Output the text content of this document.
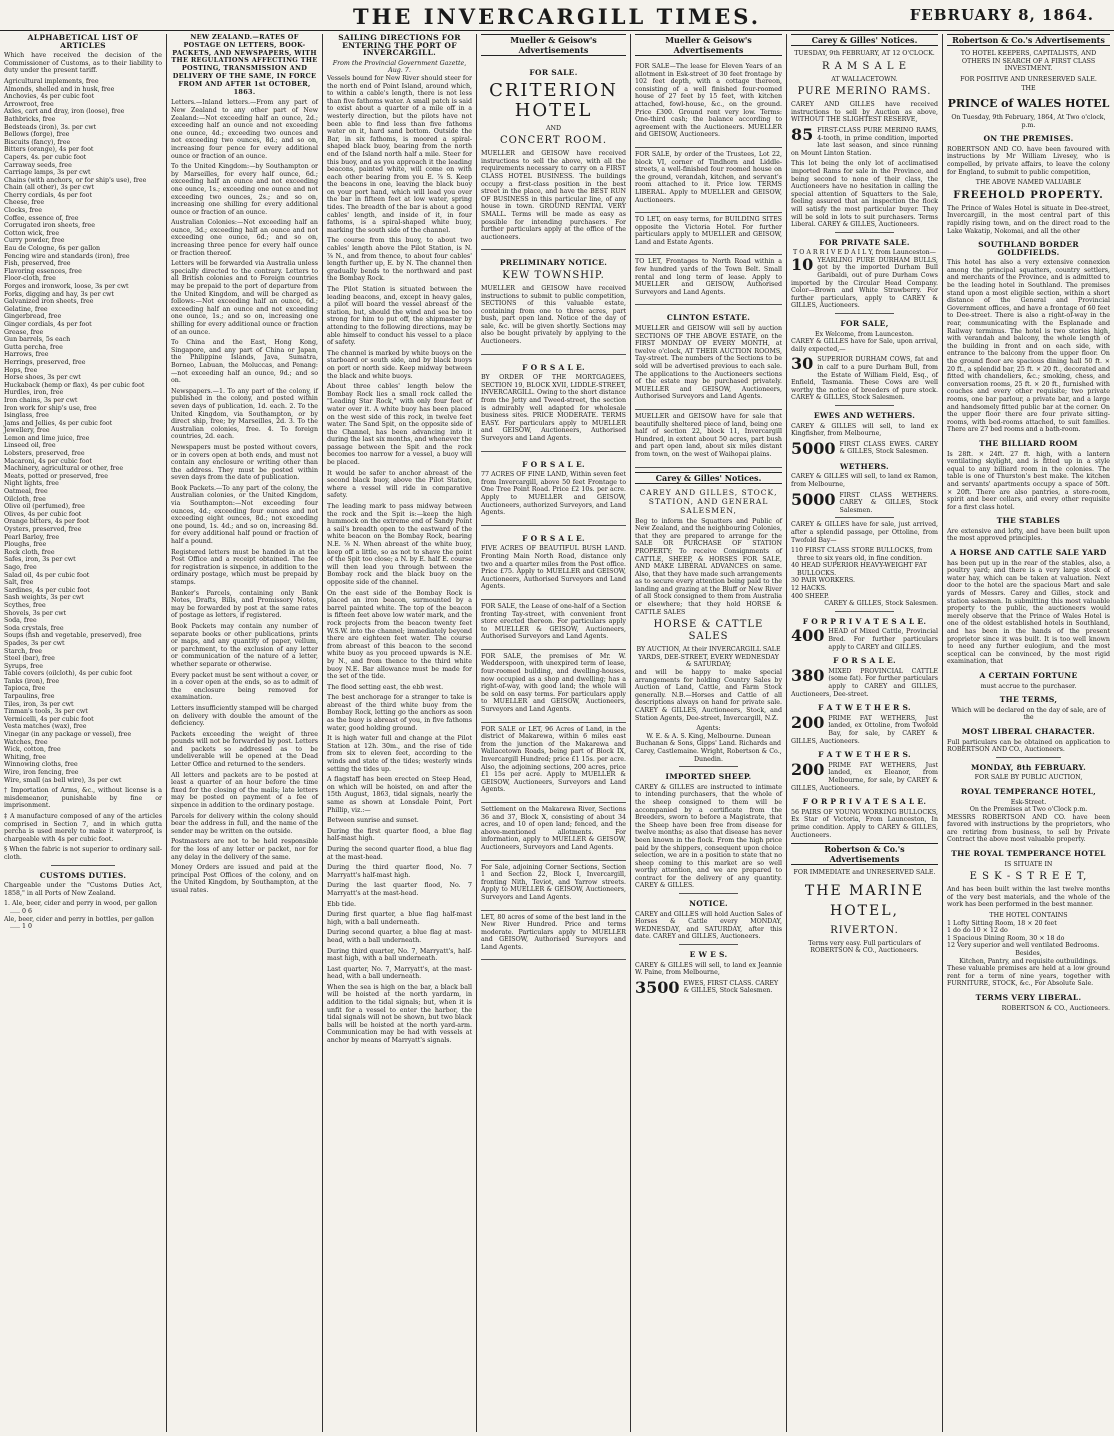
THE INVERCARGILL TIMES.	FEBRUARY 8, 1864.
ALPHABETICAL LIST OF ARTICLES
Which have received the decision of the Commissioner of Customs, as to their liability to duty under the present tariff.
Agricultural implements, free
Almonds, shelled and in husk, free
Anchovies, 4s per cubic foot
Arrowroot, free
Axles, cart and dray, iron (loose), free
Bathbricks, free
Bedsteads (iron), 3s. per cwt
Bellows (forge), free
Biscuits (fancy), free
Bitters (orange), 4s per foot
Capers, 4s. per cubic foot
Carraway seeds, free
Carriage lamps, 3s per cwt
Chains (with anchors, or for ship's use), free
Chain (all other), 3s per cwt
Cherry cordials, 4s per foot
Cheese, free
Clocks, free
Coffee, essence of, free
Corrugated iron sheets, free
Cotton wick, free
Curry powder, free
Eau de Cologne, 6s per gallon
Fencing wire and standards (iron), free
Fish, preserved, free
Flavoring essences, free
Floor-cloth, free
Forges and ironwork, loose, 3s per cwt
Forks, digging and hay, 3s per cwt
Galvanized iron sheets, free
Gelatine, free
Gingerbread, free
Ginger cordials, 4s per foot
Grease, free
Gun barrels, 5s each
Gutta percha, free
Harrows, free
Herrings, preserved, free
Hops, free
Horse shoes, 3s per cwt
Huckaback (hemp or flax), 4s per cubic foot
Hurdles, iron, free
Iron chains, 3s per cwt
Iron work for ship's use, free
Isinglass, free
Jams and Jellies, 4s per cubic foot
Jewellery, free
Lemon and lime juice, free
Linseed oil, free
Lobsters, preserved, free
Macaroni, 4s per cubic foot
Machinery, agricultural or other, free
Meats, potted or preserved, free
Night lights, free
Oatmeal, free
Oilcloth, free
Olive oil (perfumed), free
Olives, 4s per cubic foot
Orange bitters, 4s per foot
Oysters, preserved, free
Pearl Barley, free
Ploughs, free
Rock cloth, free
Safes, iron, 3s per cwt
Sago, free
Salad oil, 4s per cubic foot
Salt, free
Sardines, 4s per cubic foot
Sash weights, 3s per cwt
Scythes, free
Shovels, 3s per cwt
Soda, free
Soda crystals, free
Soups (fish and vegetable, preserved), free
Spades, 3s per cwt
Starch, free
Steel (bar), free
Syrups, free
Table covers (oilcloth), 4s per cubic foot
Tanks (iron), free
Tapioca, free
Tarpaulins, free
Tiles, iron, 3s per cwt
Tinman's tools, 3s per cwt
Vermicelli, 4s per cubic foot
Vesta matches (wax), free
Vinegar (in any package or vessel), free
Watches, free
Wick, cotton, free
Whiting, free
Winnowing cloths, free
Wire, iron fencing, free
Wire, small (as bell wire), 3s per cwt
† Importation of Arms, &c., without license is a misdemeanor, punishable by fine or imprisonment.
‡ A manufacture composed of any of the articles comprised in Section 7, and in which gutta percha is used merely to make it waterproof, is chargeable with 4s per cubic foot.
§ When the fabric is not superior to ordinary sail-cloth.
CUSTOMS DUTIES.
Chargeable under the "Customs Duties Act, 1858," in all Ports of New Zealand.
1. Ale, beer, cider and perry in wood, per gallon ..... 0 6
Ale, beer, cider and perry in bottles, per gallon ..... 1 0
NEW ZEALAND.—RATES OF POSTAGE ON LETTERS, BOOK-PACKETS, AND NEWSPAPERS, WITH THE REGULATIONS AFFECTING THE POSTING, TRANSMISSION AND DELIVERY OF THE SAME, IN FORCE FROM AND AFTER 1st OCTOBER, 1863.
Letters.—Inland letters.—From any part of New Zealand to any other part of New Zealand:—Not exceeding half an ounce, 2d.; exceeding half an ounce and not exceeding one ounce, 4d.; exceeding two ounces and not exceeding two ounces, 8d.; and so on, increasing four pence for every additional ounce or fraction of an ounce.
To the United Kingdom:—by Southampton or by Marseilles, for every half ounce, 6d.; exceeding half an ounce and not exceeding one ounce, 1s.; exceeding one ounce and not exceeding two ounces, 2s.; and so on, increasing one shilling for every additional ounce or fraction of an ounce.
Australian Colonies:—Not exceeding half an ounce, 3d.; exceeding half an ounce and not exceeding one ounce, 6d.; and so on, increasing three pence for every half ounce or fraction thereof.
Letters will be forwarded via Australia unless specially directed to the contrary. Letters to all British colonies and to Foreign countries may be prepaid to the port of departure from the United Kingdom, and will be charged as follows:—Not exceeding half an ounce, 6d.; exceeding half an ounce and not exceeding one ounce, 1s.; and so on, increasing one shilling for every additional ounce or fraction of an ounce.
To China and the East, Hong Kong, Singapore, and any part of China or Japan, the Philippine Islands, Java, Sumatra, Borneo, Labuan, the Moluccas, and Penang:—not exceeding half an ounce, 9d.; and so on.
Newspapers.—1. To any part of the colony, if published in the colony, and posted within seven days of publication, 1d. each. 2. To the United Kingdom, via Southampton, or by direct ship, free; by Marseilles, 2d. 3. To the Australian colonies, free. 4. To foreign countries, 2d. each.
Newspapers must be posted without covers, or in covers open at both ends, and must not contain any enclosure or writing other than the address. They must be posted within seven days from the date of publication.
Book Packets.—To any part of the colony, the Australian colonies, or the United Kingdom, via Southampton:—Not exceeding four ounces, 4d.; exceeding four ounces and not exceeding eight ounces, 8d.; not exceeding one pound, 1s. 4d.; and so on, increasing 8d. for every additional half pound or fraction of half a pound.
Registered letters must be handed in at the Post Office and a receipt obtained. The fee for registration is sixpence, in addition to the ordinary postage, which must be prepaid by stamps.
Banker's Parcels, containing only Bank Notes, Drafts, Bills, and Promissory Notes, may be forwarded by post at the same rates of postage as letters, if registered.
Book Packets may contain any number of separate books or other publications, prints or maps, and any quantity of paper, vellum, or parchment, to the exclusion of any letter or communication of the nature of a letter, whether separate or otherwise.
Every packet must be sent without a cover, or in a cover open at the ends, so as to admit of the enclosure being removed for examination.
Letters insufficiently stamped will be charged on delivery with double the amount of the deficiency.
Packets exceeding the weight of three pounds will not be forwarded by post. Letters and packets so addressed as to be undeliverable will be opened at the Dead Letter Office and returned to the senders.
All letters and packets are to be posted at least a quarter of an hour before the time fixed for the closing of the mails; late letters may be posted on payment of a fee of sixpence in addition to the ordinary postage.
Parcels for delivery within the colony should bear the address in full, and the name of the sender may be written on the outside.
Postmasters are not to be held responsible for the loss of any letter or packet, nor for any delay in the delivery of the same.
Money Orders are issued and paid at the principal Post Offices of the colony, and on the United Kingdom, by Southampton, at the usual rates.
SAILING DIRECTIONS FOR ENTERING THE PORT OF INVERCARGILL.
From the Provincial Government Gazette, Aug. 7.
Vessels bound for New River should steer for the north end of Point Island, around which, to within a cable's length, there is not less than five fathoms water. A small patch is said to exist about a quarter of a mile off in a westerly direction, but the pilots have not been able to find less than five fathoms water on it, hard sand bottom. Outside the Bar, in six fathoms, is moored a spiral-shaped black buoy, bearing from the north end of the Island north half a mile. Steer for this buoy, and as you approach it the leading beacons, painted white, will come on with each other bearing from you E. ⅞ S. Keep the beacons in one, leaving the black buoy on your port hand, which will lead you over the bar in fifteen feet at low water, spring tides. The breadth of the bar is about a good cables' length, and inside of it, in four fathoms, is a spiral-shaped white buoy, marking the south side of the channel.
The course from this buoy, to about two cables' length above the Pilot Station, is N. ⅞ N., and from thence, to about four cables' length further up, E. by N. The channel then gradually bends to the northward and past the Bombay Rock.
The Pilot Station is situated between the leading beacons, and, except in heavy gales, a pilot will board the vessel abreast of the station, but, should the wind and sea be too strong for him to put off, the shipmaster by attending to the following directions, may be able himself to conduct his vessel to a place of safety.
The channel is marked by white buoys on the starboard or south side, and by black buoys on port or north side. Keep midway between the black and white buoys.
About three cables' length below the Bombay Rock lies a small rock called the "Leading Star Rock," with only four feet of water over it. A white buoy has been placed on the west side of this rock, in twelve feet water. The Sand Spit, on the opposite side of the Channel, has been advancing into it during the last six months, and whenever the passage between the Spit and the rock becomes too narrow for a vessel, a buoy will be placed.
It would be safer to anchor abreast of the second black buoy, above the Pilot Station, where a vessel will ride in comparative safety.
The leading mark to pass midway between the rock and the Spit is:—keep the high hummock on the extreme end of Sandy Point a sail's breadth open to the eastward of the white beacon on the Bombay Rock, bearing N.E. ⅞ N. When abreast of the white buoy, keep off a little, so as not to shave the point of the Spit too close; a N. by E. half E. course will then lead you through between the Bombay rock and the black buoy on the opposite side of the channel.
On the east side of the Bombay Rock is placed an iron beacon, surmounted by a barrel painted white. The top of the beacon is fifteen feet above low water mark, and the rock projects from the beacon twenty feet W.S.W. into the channel; immediately beyond there are eighteen feet water. The course from abreast of this beacon to the second white buoy as you proceed upwards is N.E. by N., and from thence to the third white buoy N.E. Bar allowance must be made for the set of the tide.
The flood setting east, the ebb west.
The best anchorage for a stranger to take is abreast of the third white buoy from the Bombay Rock, letting go the anchors as soon as the buoy is abreast of you, in five fathoms water, good holding ground.
It is high water full and change at the Pilot Station at 12h. 30m., and the rise of tide from six to eleven feet, according to the winds and state of the tides; westerly winds setting the tides up.
A flagstaff has been erected on Steep Head, on which will be hoisted, on and after the 15th August, 1863, tidal signals, nearly the same as shown at Lonsdale Point, Port Phillip, viz.:—
Between sunrise and sunset.
During the first quarter flood, a blue flag half-mast high.
During the second quarter flood, a blue flag at the mast-head.
During the third quarter flood, No. 7 Marryatt's half-mast high.
During the last quarter flood, No. 7 Marryatt's at the mast-head.
Ebb tide.
During first quarter, a blue flag half-mast high, with a ball underneath.
During second quarter, a blue flag at mast-head, with a ball underneath.
During third quarter, No. 7, Marryatt's, half-mast high, with a ball underneath.
Last quarter, No. 7, Marryatt's, at the mast-head, with a ball underneath.
When the sea is high on the bar, a black ball will be hoisted at the north yardarm, in addition to the tidal signals; but, when it is unfit for a vessel to enter the harbor, the tidal signals will not be shown, but two black balls will be hoisted at the north yard-arm. Communication may be had with vessels at anchor by means of Marryatt's signals.
Mueller & Geisow's Advertisements
FOR SALE.
CRITERION HOTEL
AND
CONCERT ROOM.
MUELLER and GEISOW have received instructions to sell the above, with all the requirements necessary to carry on a FIRST CLASS HOTEL BUSINESS. The buildings occupy a first-class position in the best street in the place, and have the BEST RUN OF BUSINESS in this particular line, of any house in town. GROUND RENTAL VERY SMALL. Terms will be made as easy as possible for intending purchasers. For further particulars apply at the office of the auctioneers.
PRELIMINARY NOTICE.
KEW TOWNSHIP.
MUELLER and GEISOW have received instructions to submit to public competition, SECTIONS of this valuable estate, containing from one to three acres, part bush, part open land. Notice of the day of sale, &c. will be given shortly. Sections may also be bought privately by applying to the Auctioneers.
F O R S A L E.
BY ORDER OF THE MORTGAGEES, SECTION 19, BLOCK XVII, LIDDLE-STREET, INVERCARGILL. Owing to the short distance from the Jetty and Tweed-street, the section is admirably well adapted for wholesale business sites. PRICE MODERATE. TERMS EASY. For particulars apply to MUELLER and GEISOW, Auctioneers, Authorised Surveyors and Land Agents.
F O R S A L E.
77 ACRES OF FINE LAND, Within seven feet from Invercargill, above 50 feet Frontage to One Tree Point Road. Price £2 10s. per acre. Apply to MUELLER and GEISOW, Auctioneers, authorized Surveyors, and Land Agents.
F O R S A L E.
FIVE ACRES OF BEAUTIFUL BUSH LAND. Fronting Main North Road, distance only two and a quarter miles from the Post office. Price £75. Apply to MUELLER and GEISOW, Auctioneers, Authorised Surveyors and Land Agents.
FOR SALE, the Lease of one-half of a Section fronting Tay-street, with convenient front store erected thereon. For particulars apply to MUELLER & GEISOW, Auctioneers, Authorised Surveyors and Land Agents.
FOR SALE, the premises of Mr. W. Wedderspoon, with unexpired term of lease, four-roomed building, and dwelling-houses, now occupied as a shop and dwelling; has a right-of-way, with good land; the whole will be sold on easy terms. For particulars apply to MUELLER and GEISOW, Auctioneers, Surveyors and Land Agents.
FOR SALE or LET, 96 Acres of Land, in the district of Makarewa, within 6 miles east from the junction of the Makarewa and Wallacetown Roads, being part of Block IX, Invercargill Hundred; price £1 15s. per acre. Also, the adjoining sections, 200 acres, price £1 15s per acre. Apply to MUELLER & GEISOW, Auctioneers, Surveyors and Land Agents.
Settlement on the Makarewa River, Sections 36 and 37, Block X, consisting of about 34 acres, and 10 of open land; fenced, and the above-mentioned allotments. For information, apply to MUELLER & GEISOW, Auctioneers, Surveyors and Land Agents.
For Sale, adjoining Corner Sections, Section 1 and Section 22, Block I, Invercargill, fronting Nith, Teviot, and Yarrow streets. Apply to MUELLER & GEISOW, Auctioneers, Surveyors and Land Agents.
LET, 80 acres of some of the best land in the New River Hundred. Price and terms moderate. Particulars apply to MUELLER and GEISOW, Authorised Surveyors and Land Agents.
Mueller & Geisow's Advertisements
FOR SALE—The lease for Eleven Years of an allotment in Esk-street of 30 feet frontage by 102 feet depth, with a cottage thereon, consisting of a well finished four-roomed house of 27 feet by 15 feet, with kitchen attached, fowl-house, &c., on the ground. Price £300. Ground rent very low. Terms: One-third cash; the balance according to agreement with the Auctioneers. MUELLER and GEISOW, Auctioneers.
FOR SALE, by order of the Trustees, Lot 22, block VI, corner of Tindhorn and Liddle-streets, a well-finished four roomed house on the ground, verandah, kitchen, and servant's room attached to it. Price low. TERMS LIBERAL. Apply to MUELLER and GEISOW, Auctioneers.
TO LET, on easy terms, for BUILDING SITES opposite the Victoria Hotel. For further particulars apply to MUELLER and GEISOW, Land and Estate Agents.
TO LET, Frontages to North Road within a few hundred yards of the Town Belt. Small rental and long term of lease. Apply to MUELLER and GEISOW, Authorised Surveyors and Land Agents.
CLINTON ESTATE.
MUELLER and GEISOW will sell by auction SECTIONS OF THE ABOVE ESTATE, on the FIRST MONDAY OF EVERY MONTH, at twelve o'clock, AT THEIR AUCTION ROOMS, Tay-street. The numbers of the Sections to be sold will be advertised previous to each sale. The applications to the Auctioneers sections of the estate may be purchased privately. MUELLER and GEISOW, Auctioneers, Authorised Surveyors and Land Agents.
MUELLER and GEISOW have for sale that beautifully sheltered piece of land, being one half of section 22, block 11, Invercargill Hundred, in extent about 50 acres, part bush and part open land, about six miles distant from town, on the west of Waihopai plains.
Carey & Gilles' Notices.
CAREY AND GILLES, STOCK, STATION, AND GENERAL SALESMEN,
Beg to inform the Squatters and Public of New Zealand, and the neighbouring Colonies, that they are prepared to arrange for the SALE OR PURCHASE OF STATION PROPERTY; To receive Consignments of CATTLE, SHEEP, & HORSES FOR SALE, AND MAKE LIBERAL ADVANCES on same. Also, that they have made such arrangements as to secure every attention being paid to the landing and grazing at the Bluff or New River of all Stock consigned to them from Australia or elsewhere; that they hold HORSE & CATTLE SALES
HORSE & CATTLE SALES
BY AUCTION, At their INVERCARGILL SALE YARDS, DEE-STREET, EVERY WEDNESDAY & SATURDAY;
and will be happy to make special arrangements for holding Country Sales by Auction of Land, Cattle, and Farm Stock generally. N.B.—Horses and Cattle of all descriptions always on hand for private sale. CAREY & GILLES, Auctioneers, Stock, and Station Agents, Dee-street, Invercargill, N.Z.
Agents:
W. E. & A. S. King, Melbourne. Dunean Buchanan & Sons, Gipps' Land. Richards and Carey, Castlemaine. Wright, Robertson & Co., Dunedin.
IMPORTED SHEEP.
CAREY & GILLES are instructed to intimate to intending purchasers, that the whole of the sheep consigned to them will be accompanied by a certificate from the Breeders, sworn to before a Magistrate, that the Sheep have been free from disease for twelve months; as also that disease has never been known in the flock. From the high price paid by the shippers, consequent upon choice selection, we are in a position to state that no sheep coming to this market are so well worthy attention, and we are prepared to contract for the delivery of any quantity. CAREY & GILLES.
NOTICE.
CAREY and GILLES will hold Auction Sales of Horses & Cattle every MONDAY, WEDNESDAY, and SATURDAY, after this date. CAREY and GILLES, Auctioneers.
E W E S.
CAREY & GILLES will sell, to land ex Jeannie W. Paine, from Melbourne,
3500 EWES, FIRST CLASS. CAREY & GILLES, Stock Salesmen.
Carey & Gilles' Notices.
TUESDAY, 9th FEBRUARY, AT 12 O'CLOCK.
R A M S A L E
AT WALLACETOWN.
PURE MERINO RAMS.
CAREY AND GILLES have received instructions to sell by Auction as above, WITHOUT THE SLIGHTEST RESERVE,
85 FIRST-CLASS PURE MERINO RAMS, 4-tooth, in prime condition, imported late last season, and since running on Mount Linton Station.
This lot being the only lot of acclimatised imported Rams for sale in the Province, and being second to none of their class, the Auctioneers have no hesitation in calling the special attention of Squatters to the Sale, feeling assured that an inspection the flock will satisfy the most particular buyer. They will be sold in lots to suit purchasers. Terms Liberal. CAREY & GILLES, Auctioneers.
FOR PRIVATE SALE.
T O A R R I V E D A I L Y, from Launceston—
10 YEARLING PURE DURHAM BULLS, got by the imported Durham Bull Garibaldi, out of pure Durham Cows imported by the Circular Head Company. Color—Brown and White Strawberry. For further particulars, apply to CAREY & GILLES, Auctioneers.
FOR SALE,
Ex Welcome, from Launceston.
CAREY & GILLES have for Sale, upon arrival, daily expected,—
30 SUPERIOR DURHAM COWS, fat and in calf to a pure Durham Bull, from the Estate of William Field, Esq., of Enfield, Tasmania. These Cows are well worthy the notice of breeders of pure stock. CAREY & GILLES, Stock Salesmen.
EWES AND WETHERS.
CAREY & GILLES will sell, to land ex Kingfisher, from Melbourne,
5000 FIRST CLASS EWES. CAREY & GILLES, Stock Salesmen.
WETHERS.
CAREY & GILLES will sell, to land ex Ramon, from Melbourne,
5000 FIRST CLASS WETHERS. CAREY & GILLES, Stock Salesmen.
CAREY & GILLES have for sale, just arrived, after a splendid passage, per Ottoline, from Twofold Bay—
110 FIRST CLASS STORE BULLOCKS, from three to six years old, in fine condition.
40 HEAD SUPERIOR HEAVY-WEIGHT FAT BULLOCKS.
30 PAIR WORKERS.
12 HACKS.
400 SHEEP.
CAREY & GILLES, Stock Salesmen.
F O R P R I V A T E S A L E.
400 HEAD of Mixed Cattle, Provincial Bred. For further particulars apply to CAREY and GILLES.
F O R S A L E.
380 MIXED PROVINCIAL CATTLE (some fat). For further particulars apply to CAREY and GILLES, Auctioneers, Dee-street.
F A T W E T H E R S.
200 PRIME FAT WETHERS, Just landed, ex Ottoline, from Twofold Bay, for sale, by CAREY & GILLES, Auctioneers.
F A T W E T H E R S.
200 PRIME FAT WETHERS, Just landed, ex Eleanor, from Melbourne, for sale, by CAREY & GILLES, Auctioneers.
F O R P R I V A T E S A L E.
56 PAIRS OF YOUNG WORKING BULLOCKS, Ex Star of Victoria, From Launceston, In prime condition. Apply to CAREY & GILLES, Auctioneers.
Robertson & Co.'s Advertisements
FOR IMMEDIATE and UNRESERVED SALE.
THE MARINE HOTEL,
RIVERTON.
Terms very easy. Full particulars of ROBERTSON & CO., Auctioneers.
Robertson & Co.'s Advertisements
TO HOTEL KEEPERS, CAPITALISTS, AND OTHERS IN SEARCH OF A FIRST CLASS INVESTMENT.
FOR POSITIVE AND UNRESERVED SALE.
THE
PRINCE of WALES HOTEL
On Tuesday, 9th February, 1864, At Two o'clock, p.m.
ON THE PREMISES.
ROBERTSON AND CO. have been favoured with instructions by Mr William Livesey, who is compelled, by private affairs, to leave the colony for England, to submit to public competition,
THE ABOVE NAMED VALUABLE
FREEHOLD PROPERTY.
The Prince of Wales Hotel is situate in Dee-street, Invercargill, in the most central part of this rapidly rising town, and on the direct road to the Lake Wakatip, Nokomai, and all the other
SOUTHLAND BORDER GOLDFIELDS.
This hotel has also a very extensive connexion among the principal squatters, country settlers, and merchants of the Province, and is admitted to be the leading hotel in Southland. The premises stand upon a most eligible section, within a short distance of the General and Provincial Government offices, and have a frontage of 60 feet to Dee-street. There is also a right-of-way in the rear, communicating with the Esplanade and Railway terminus. The hotel is two stories high, with verandah and balcony, the whole length of the building in front and on each side, with entrance to the balcony from the upper floor. On the ground floor are spacious dining hall 50 ft. × 20 ft., a splendid bar, 25 ft. × 20 ft., decorated and fitted with chandeliers, &c.; smoking, chess, and conversation rooms, 25 ft. × 20 ft., furnished with couches and every other requisite; two private rooms, one bar parlour, a private bar, and a large and handsomely fitted public bar at the corner. On the upper floor there are four private sitting-rooms, with bed-rooms attached, to suit families. There are 27 bed rooms and a bath-room.
THE BILLIARD ROOM
Is 28ft. × 24ft. 27 ft. high, with a lantern ventilating skylight, and is fitted up in a style equal to any billiard room in the colonies. The table is one of Thurston's best make. The kitchen and servants' apartments occupy a space of 50ft. × 20ft. There are also pantries, a store-room, spirit and beer cellars, and every other requisite for a first class hotel.
THE STABLES
Are extensive and lofty, and have been built upon the most approved principles.
A HORSE AND CATTLE SALE YARD
has been put up in the rear of the stables, also, a poultry yard; and there is a very large stock of water hay, which can be taken at valuation. Next door to the hotel are the spacious Mart and sale yards of Messrs. Carey and Gilles, stock and station salesmen. In submitting this most valuable property to the public, the auctioneers would merely observe that the Prince of Wales Hotel is one of the oldest established hotels in Southland, and has been in the hands of the present proprietor since it was built. It is too well known to need any further eulogium, and the most sceptical can be convinced, by the most rigid examination, that
A CERTAIN FORTUNE
must accrue to the purchaser.
THE TERMS,
Which will be declared on the day of sale, are of the
MOST LIBERAL CHARACTER.
Full particulars can be obtained on application to ROBERTSON AND CO., Auctioneers.
MONDAY, 8th FEBRUARY.
FOR SALE BY PUBLIC AUCTION,
ROYAL TEMPERANCE HOTEL,
Esk-Street.
On the Premises at Two o'Clock p.m.
MESSRS ROBERTSON AND CO. have been favored with instructions by the proprietors, who are retiring from business, to sell by Private Contract the above most valuable property.
THE ROYAL TEMPERANCE HOTEL
IS SITUATE IN
E S K - S T R E E T,
And has been built within the last twelve months of the very best materials, and the whole of the work has been performed in the best manner.
THE HOTEL CONTAINS
1 Lofty Sitting Room, 18 × 20 feet
1 do do 10 × 12 do
1 Spacious Dining Room, 30 × 18 do
12 Very superior and well ventilated Bedrooms.
Besides,
Kitchen, Pantry, and requisite outbuildings.
These valuable premises are held at a low ground rent for a term of nine years, together with FURNITURE, STOCK, &c., For Absolute Sale.
TERMS VERY LIBERAL.
ROBERTSON & CO., Auctioneers.
